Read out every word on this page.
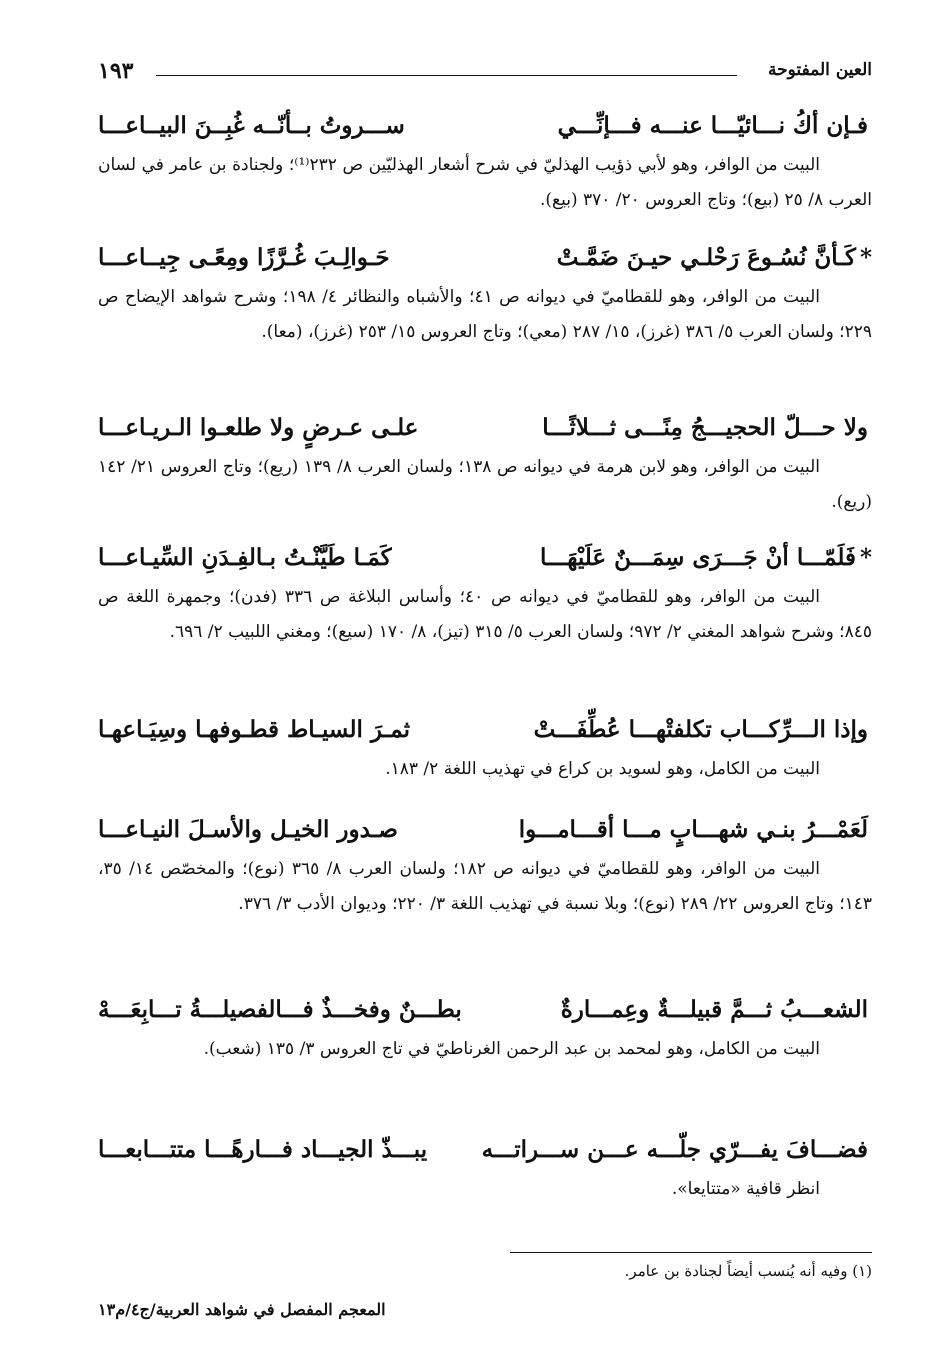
العين المفتوحة
١٩٣
فـإن أكُ نـــائيّـــا عنـــه فـــإنِّـــي
ســـروتُ بــأنّــه غُبِــنَ البيــاعـــا
البيت من الوافر، وهو لأبي ذؤيب الهذليّ في شرح أشعار الهذليّين ص ٢٣٢⁽¹⁾؛ ولجنادة بن عامر في لسان العرب ٨/ ٢٥ (بيع)؛ وتاج العروس ٢٠/ ٣٧٠ (بيع).
*كَـأنَّ نُسُـوعَ رَحْلـي حيـنَ ضَمَّـتْ
حَـوالِـبَ غُـرَّزًا ومِعًـى جِيــاعـــا
البيت من الوافر، وهو للقطاميّ في ديوانه ص ٤١؛ والأشباه والنظائر ٤/ ١٩٨؛ وشرح شواهد الإيضاح ص ٢٢٩؛ ولسان العرب ٥/ ٣٨٦ (غرز)، ١٥/ ٢٨٧ (معي)؛ وتاج العروس ١٥/ ٢٥٣ (غرز)، (معا).
ولا حـــلّ الحجيـــجُ مِنًـــى ثـــلاثًـــا
علـى عـرضٍ ولا طلعـوا الـريـاعـــا
البيت من الوافر، وهو لابن هرمة في ديوانه ص ١٣٨؛ ولسان العرب ٨/ ١٣٩ (ريع)؛ وتاج العروس ٢١/ ١٤٢ (ريع).
*فَلَمّـــا أنْ جَـــرَى سِمَـــنٌ عَلَيْهَـــا
كَمَـا طَيَّنْـتُ بـالفِـدَنِ السِّيـاعـــا
البيت من الوافر، وهو للقطاميّ في ديوانه ص ٤٠؛ وأساس البلاغة ص ٣٣٦ (فدن)؛ وجمهرة اللغة ص ٨٤٥؛ وشرح شواهد المغني ٢/ ٩٧٢؛ ولسان العرب ٥/ ٣١٥ (تيز)، ٨/ ١٧٠ (سيع)؛ ومغني اللبيب ٢/ ٦٩٦.
وإذا الـــرِّكـــاب تكلفتْهـــا عُطِّفَـــتْ
ثمـرَ السيـاط قطـوفهـا وسِيَـاعهـا
البيت من الكامل، وهو لسويد بن كراع في تهذيب اللغة ٢/ ١٨٣.
لَعَمْـــرُ بنـي شهـــابٍ مـــا أقـــامـــوا
صـدور الخيـل والأسـلَ النيـاعـــا
البيت من الوافر، وهو للقطاميّ في ديوانه ص ١٨٢؛ ولسان العرب ٨/ ٣٦٥ (نوع)؛ والمخصّص ١٤/ ٣٥، ١٤٣؛ وتاج العروس ٢٢/ ٢٨٩ (نوع)؛ وبلا نسبة في تهذيب اللغة ٣/ ٢٢٠؛ وديوان الأدب ٣/ ٣٧٦.
الشعـــبُ ثـــمَّ قبيلـــةٌ وعِمـــارةٌ
بطـــنٌ وفخـــذٌ فـــالفصيلـــةُ تـــابِعَـــهْ
البيت من الكامل، وهو لمحمد بن عبد الرحمن الغرناطيّ في تاج العروس ٣/ ١٣٥ (شعب).
فضـــافَ يفـــرّي جلّـــه عـــن ســـراتـــه
يبـــذّ الجيـــاد فـــارهًـــا متتـــابعـــا
انظر قافية «متتايعا».
(١) وفيه أنه يُنسب أيضاً لجنادة بن عامر.
المعجم المفصل في شواهد العربية/ج٤/م١٣
